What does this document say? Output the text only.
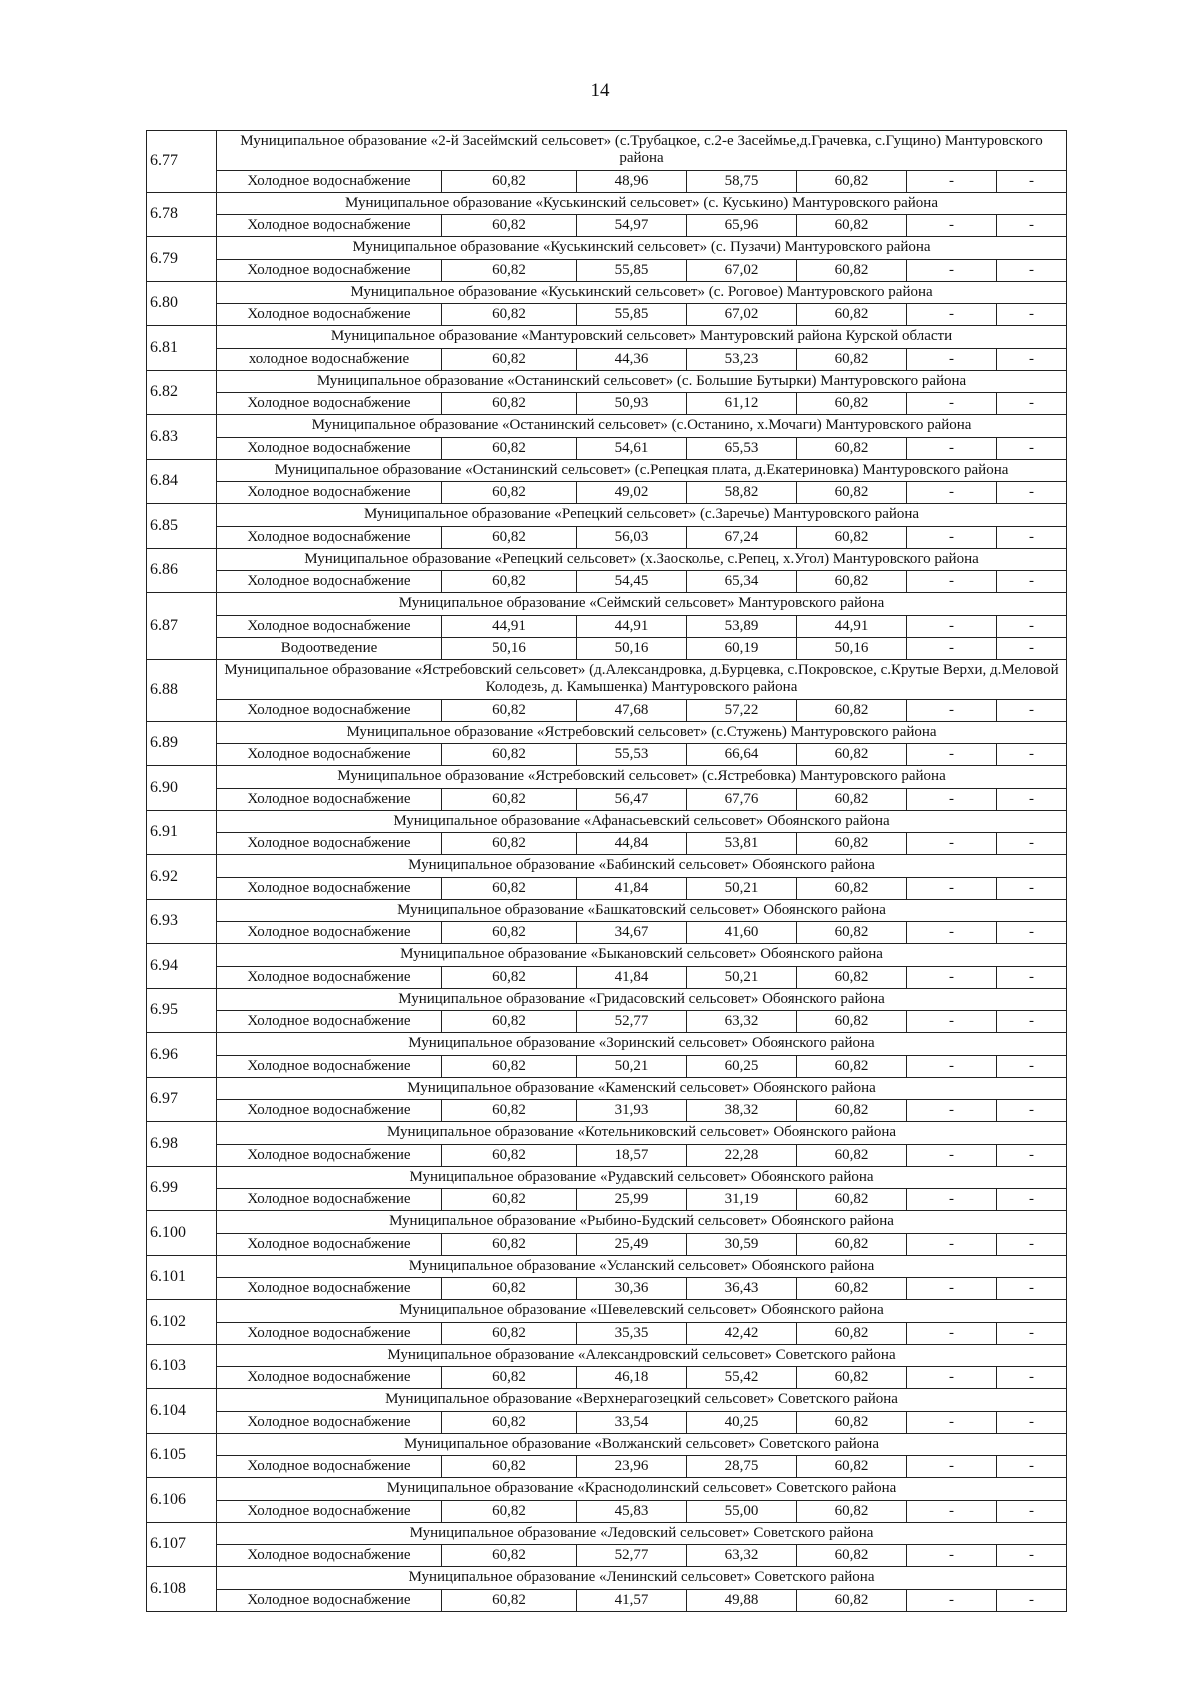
14
6.77	Муниципальное образование «2-й Засеймский сельсовет» (с.Трубацкое, с.2-е Засеймье,д.Грачевка, с.Гущино) Мантуровского района						
	Холодное водоснабжение	60,82	48,96	58,75	60,82	-	-
6.78	Муниципальное образование «Куськинский сельсовет» (с. Куськино) Мантуровского района						
	Холодное водоснабжение	60,82	54,97	65,96	60,82	-	-
6.79	Муниципальное образование «Куськинский сельсовет» (с. Пузачи) Мантуровского района						
	Холодное водоснабжение	60,82	55,85	67,02	60,82	-	-
6.80	Муниципальное образование «Куськинский сельсовет» (с. Роговое) Мантуровского района						
	Холодное водоснабжение	60,82	55,85	67,02	60,82	-	-
6.81	Муниципальное образование «Мантуровский сельсовет» Мантуровский района Курской области						
	холодное водоснабжение	60,82	44,36	53,23	60,82	-	-
6.82	Муниципальное образование «Останинский сельсовет» (с. Большие Бутырки) Мантуровского района						
	Холодное водоснабжение	60,82	50,93	61,12	60,82	-	-
6.83	Муниципальное образование «Останинский сельсовет» (с.Останино, х.Мочаги) Мантуровского района						
	Холодное водоснабжение	60,82	54,61	65,53	60,82	-	-
6.84	Муниципальное образование «Останинский сельсовет» (с.Репецкая плата, д.Екатериновка) Мантуровского района						
	Холодное водоснабжение	60,82	49,02	58,82	60,82	-	-
6.85	Муниципальное образование «Репецкий сельсовет» (с.Заречье) Мантуровского района						
	Холодное водоснабжение	60,82	56,03	67,24	60,82	-	-
6.86	Муниципальное образование «Репецкий сельсовет» (х.Заосколье, с.Репец, х.Угол) Мантуровского района						
	Холодное водоснабжение	60,82	54,45	65,34	60,82	-	-
6.87	Муниципальное образование «Сеймский сельсовет» Мантуровского района						
	Холодное водоснабжение	44,91	44,91	53,89	44,91	-	-
	Водоотведение	50,16	50,16	60,19	50,16	-	-
6.88	Муниципальное образование «Ястребовский сельсовет» (д.Александровка, д.Бурцевка, с.Покровское, с.Крутые Верхи, д.Меловой Колодезь, д. Камышенка) Мантуровского района						
	Холодное водоснабжение	60,82	47,68	57,22	60,82	-	-
6.89	Муниципальное образование «Ястребовский сельсовет» (с.Стужень) Мантуровского района						
	Холодное водоснабжение	60,82	55,53	66,64	60,82	-	-
6.90	Муниципальное образование «Ястребовский сельсовет» (с.Ястребовка) Мантуровского района						
	Холодное водоснабжение	60,82	56,47	67,76	60,82	-	-
6.91	Муниципальное образование «Афанасьевский сельсовет» Обоянского района						
	Холодное водоснабжение	60,82	44,84	53,81	60,82	-	-
6.92	Муниципальное образование «Бабинский сельсовет» Обоянского района						
	Холодное водоснабжение	60,82	41,84	50,21	60,82	-	-
6.93	Муниципальное образование «Башкатовский сельсовет» Обоянского района						
	Холодное водоснабжение	60,82	34,67	41,60	60,82	-	-
6.94	Муниципальное образование «Быкановский сельсовет» Обоянского района						
	Холодное водоснабжение	60,82	41,84	50,21	60,82	-	-
6.95	Муниципальное образование «Гридасовский сельсовет» Обоянского района						
	Холодное водоснабжение	60,82	52,77	63,32	60,82	-	-
6.96	Муниципальное образование «Зоринский сельсовет» Обоянского района						
	Холодное водоснабжение	60,82	50,21	60,25	60,82	-	-
6.97	Муниципальное образование «Каменский сельсовет» Обоянского района						
	Холодное водоснабжение	60,82	31,93	38,32	60,82	-	-
6.98	Муниципальное образование «Котельниковский сельсовет» Обоянского района						
	Холодное водоснабжение	60,82	18,57	22,28	60,82	-	-
6.99	Муниципальное образование «Рудавский сельсовет» Обоянского района						
	Холодное водоснабжение	60,82	25,99	31,19	60,82	-	-
6.100	Муниципальное образование «Рыбино-Будский сельсовет» Обоянского района						
	Холодное водоснабжение	60,82	25,49	30,59	60,82	-	-
6.101	Муниципальное образование «Усланский сельсовет» Обоянского района						
	Холодное водоснабжение	60,82	30,36	36,43	60,82	-	-
6.102	Муниципальное образование «Шевелевский сельсовет» Обоянского района						
	Холодное водоснабжение	60,82	35,35	42,42	60,82	-	-
6.103	Муниципальное образование «Александровский сельсовет» Советского района						
	Холодное водоснабжение	60,82	46,18	55,42	60,82	-	-
6.104	Муниципальное образование «Верхнерагозецкий сельсовет» Советского района						
	Холодное водоснабжение	60,82	33,54	40,25	60,82	-	-
6.105	Муниципальное образование «Волжанский сельсовет» Советского района						
	Холодное водоснабжение	60,82	23,96	28,75	60,82	-	-
6.106	Муниципальное образование «Краснодолинский сельсовет» Советского района						
	Холодное водоснабжение	60,82	45,83	55,00	60,82	-	-
6.107	Муниципальное образование «Ледовский сельсовет» Советского района						
	Холодное водоснабжение	60,82	52,77	63,32	60,82	-	-
6.108	Муниципальное образование «Ленинский сельсовет» Советского района						
	Холодное водоснабжение	60,82	41,57	49,88	60,82	-	-
